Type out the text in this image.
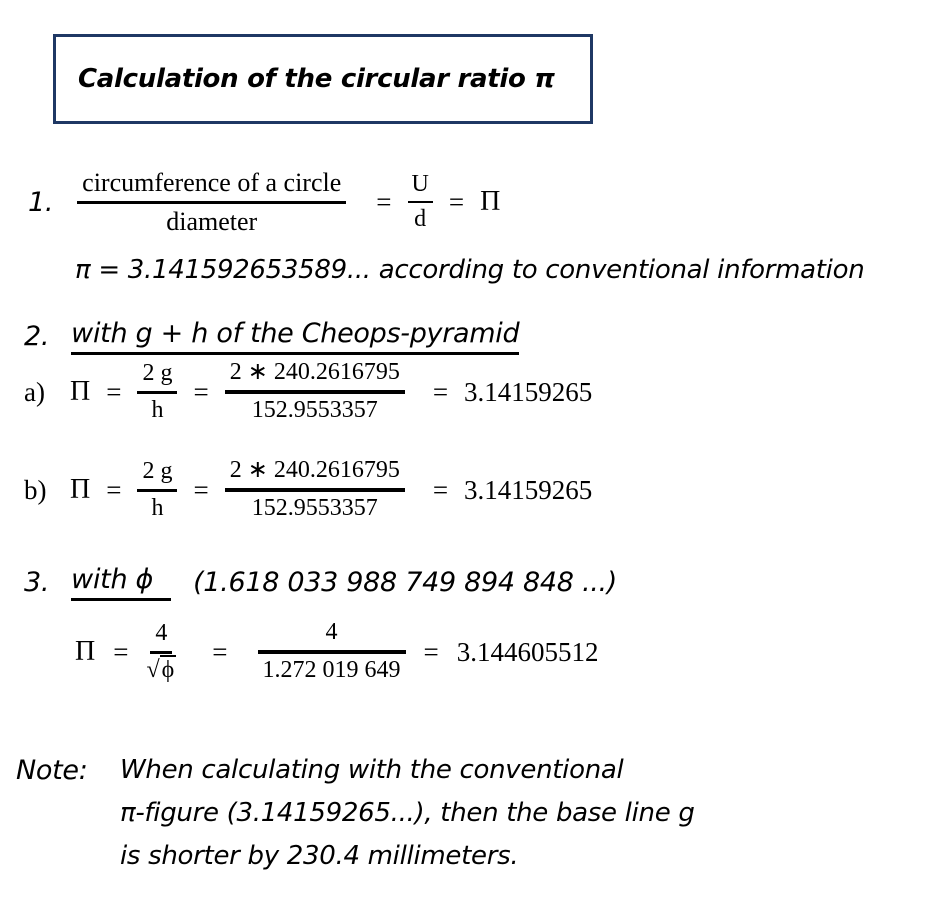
Calculation of the circular ratio π
1. $\frac{\text{circumference of a circle}}{\text{diameter}} = \frac{U}{d} = \Pi$
π = 3.141592653589... according to conventional information
2. with g + h of the Cheops-pyramid
a) $\Pi = \frac{2 g}{h} = \frac{2 ∗ 240.2616795}{152.9553357} = 3.14159265$
b) $\Pi = \frac{2 g}{h} = \frac{2 ∗ 240.2616795}{152.9553357} = 3.14159265$
3. with ϕ	(1.618 033 988 749 894 848 ...)
$\Pi = \frac{4}{√\phi} = \frac{4}{1.272 019 649} = 3.144605512$
Note: When calculating with the conventional
π-figure (3.14159265...), then the base line g
is shorter by 230.4 millimeters.
